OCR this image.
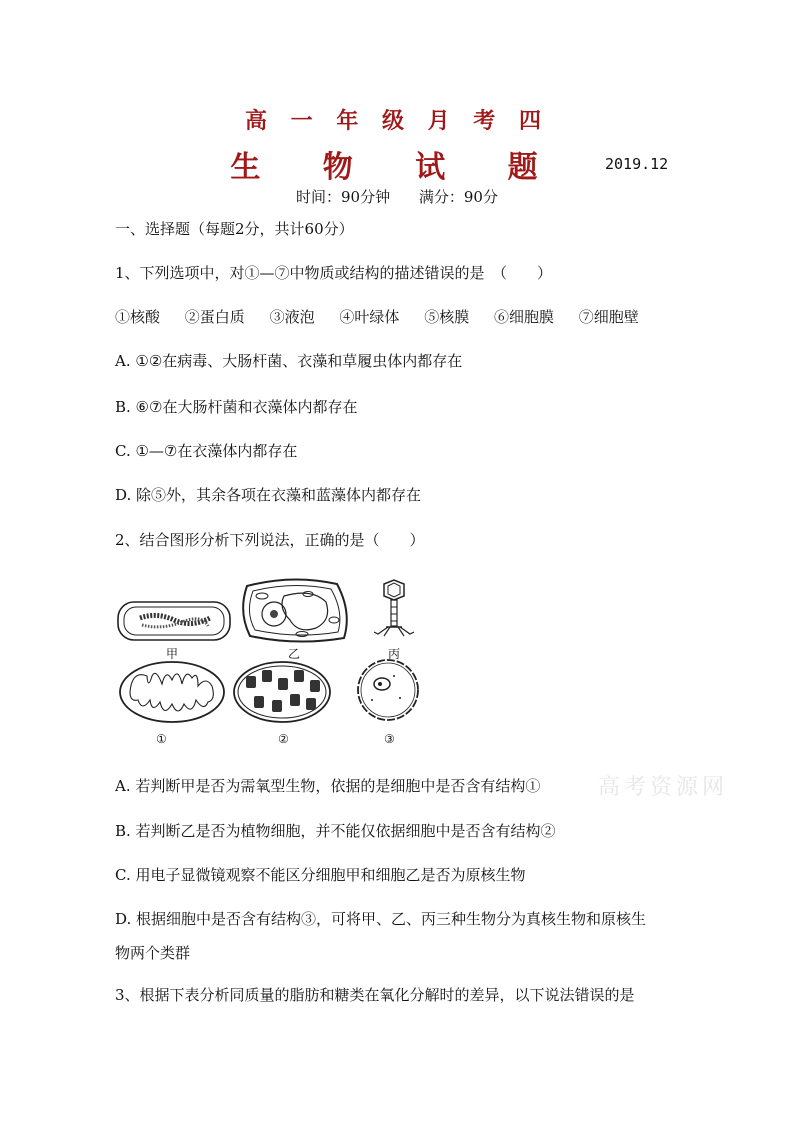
高 一 年 级 月 考 四
生 物 试 题	2019.12
时间：90分钟 满分：90分
一、选择题（每题2分，共计60分）
1、下列选项中，对①—⑦中物质或结构的描述错误的是　（　　）
①核酸 ②蛋白质 ③液泡 ④叶绿体 ⑤核膜 ⑥细胞膜 ⑦细胞壁
A. ①②在病毒、大肠杆菌、衣藻和草履虫体内都存在
B. ⑥⑦在大肠杆菌和衣藻体内都存在
C. ①—⑦在衣藻体内都存在
D. 除⑤外，其余各项在衣藻和蓝藻体内都存在
2、结合图形分析下列说法，正确的是（　　）
甲	乙	丙
①	②	③
高考资源网
A. 若判断甲是否为需氧型生物，依据的是细胞中是否含有结构①
B. 若判断乙是否为植物细胞，并不能仅依据细胞中是否含有结构②
C. 用电子显微镜观察不能区分细胞甲和细胞乙是否为原核生物
D. 根据细胞中是否含有结构③，可将甲、乙、丙三种生物分为真核生物和原核生
物两个类群
3、根据下表分析同质量的脂肪和糖类在氧化分解时的差异，以下说法错误的是
